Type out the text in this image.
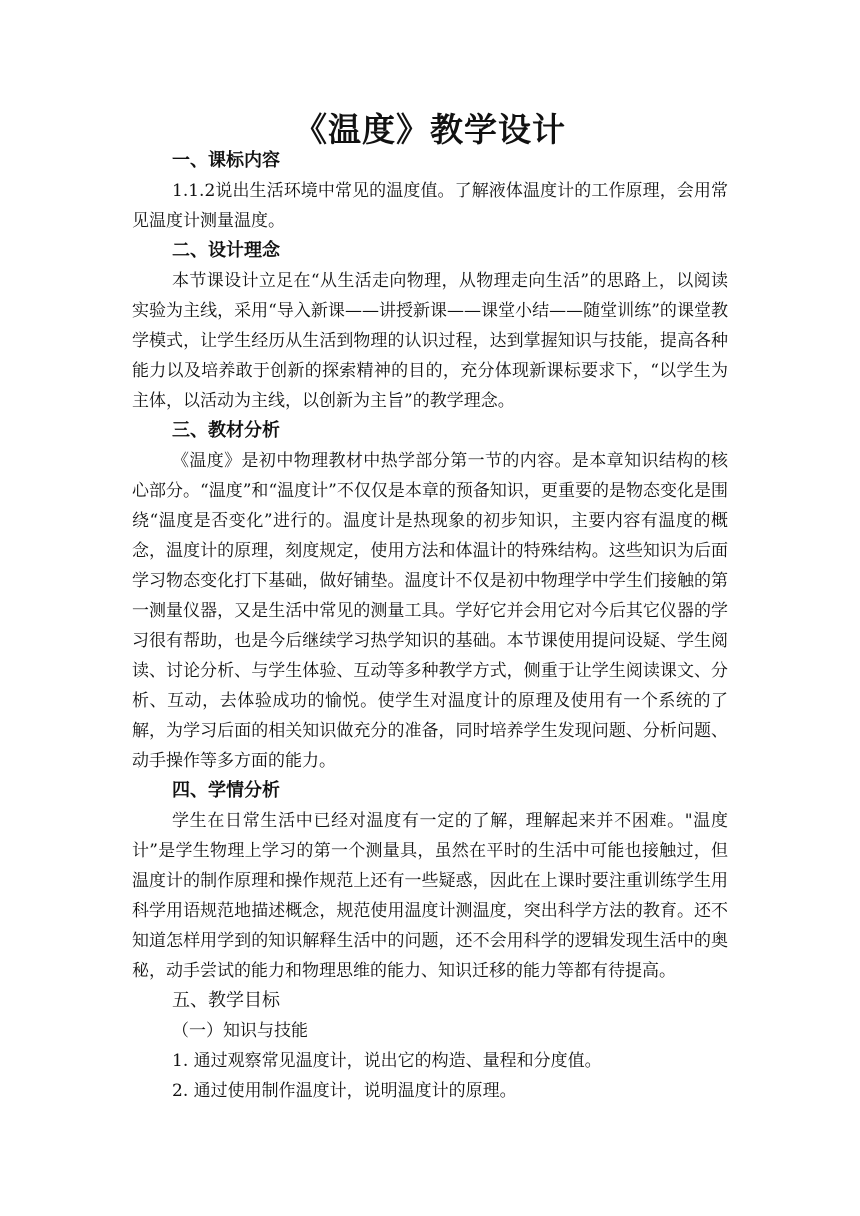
《温度》教学设计
一、课标内容

1.1.2说出生活环境中常见的温度值。了解液体温度计的工作原理，会用常见温度计测量温度。

二、设计理念

本节课设计立足在“从生活走向物理，从物理走向生活”的思路上，以阅读实验为主线，采用“导入新课——讲授新课——课堂小结——随堂训练”的课堂教学模式，让学生经历从生活到物理的认识过程，达到掌握知识与技能，提高各种能力以及培养敢于创新的探索精神的目的，充分体现新课标要求下，“以学生为主体，以活动为主线，以创新为主旨”的教学理念。

三、教材分析

《温度》是初中物理教材中热学部分第一节的内容。是本章知识结构的核心部分。“温度”和“温度计”不仅仅是本章的预备知识，更重要的是物态变化是围绕“温度是否变化”进行的。温度计是热现象的初步知识，主要内容有温度的概念，温度计的原理，刻度规定，使用方法和体温计的特殊结构。这些知识为后面学习物态变化打下基础，做好铺垫。温度计不仅是初中物理学中学生们接触的第一测量仪器，又是生活中常见的测量工具。学好它并会用它对今后其它仪器的学习很有帮助，也是今后继续学习热学知识的基础。本节课使用提问设疑、学生阅读、讨论分析、与学生体验、互动等多种教学方式，侧重于让学生阅读课文、分析、互动，去体验成功的愉悦。使学生对温度计的原理及使用有一个系统的了解，为学习后面的相关知识做充分的准备，同时培养学生发现问题、分析问题、动手操作等多方面的能力。

四、学情分析

学生在日常生活中已经对温度有一定的了解，理解起来并不困难。"温度计”是学生物理上学习的第一个测量具，虽然在平时的生活中可能也接触过，但温度计的制作原理和操作规范上还有一些疑惑，因此在上课时要注重训练学生用科学用语规范地描述概念，规范使用温度计测温度，突出科学方法的教育。还不知道怎样用学到的知识解释生活中的问题，还不会用科学的逻辑发现生活中的奥秘，动手尝试的能力和物理思维的能力、知识迁移的能力等都有待提高。

五、教学目标

（一）知识与技能

1. 通过观察常见温度计，说出它的构造、量程和分度值。

2. 通过使用制作温度计，说明温度计的原理。
